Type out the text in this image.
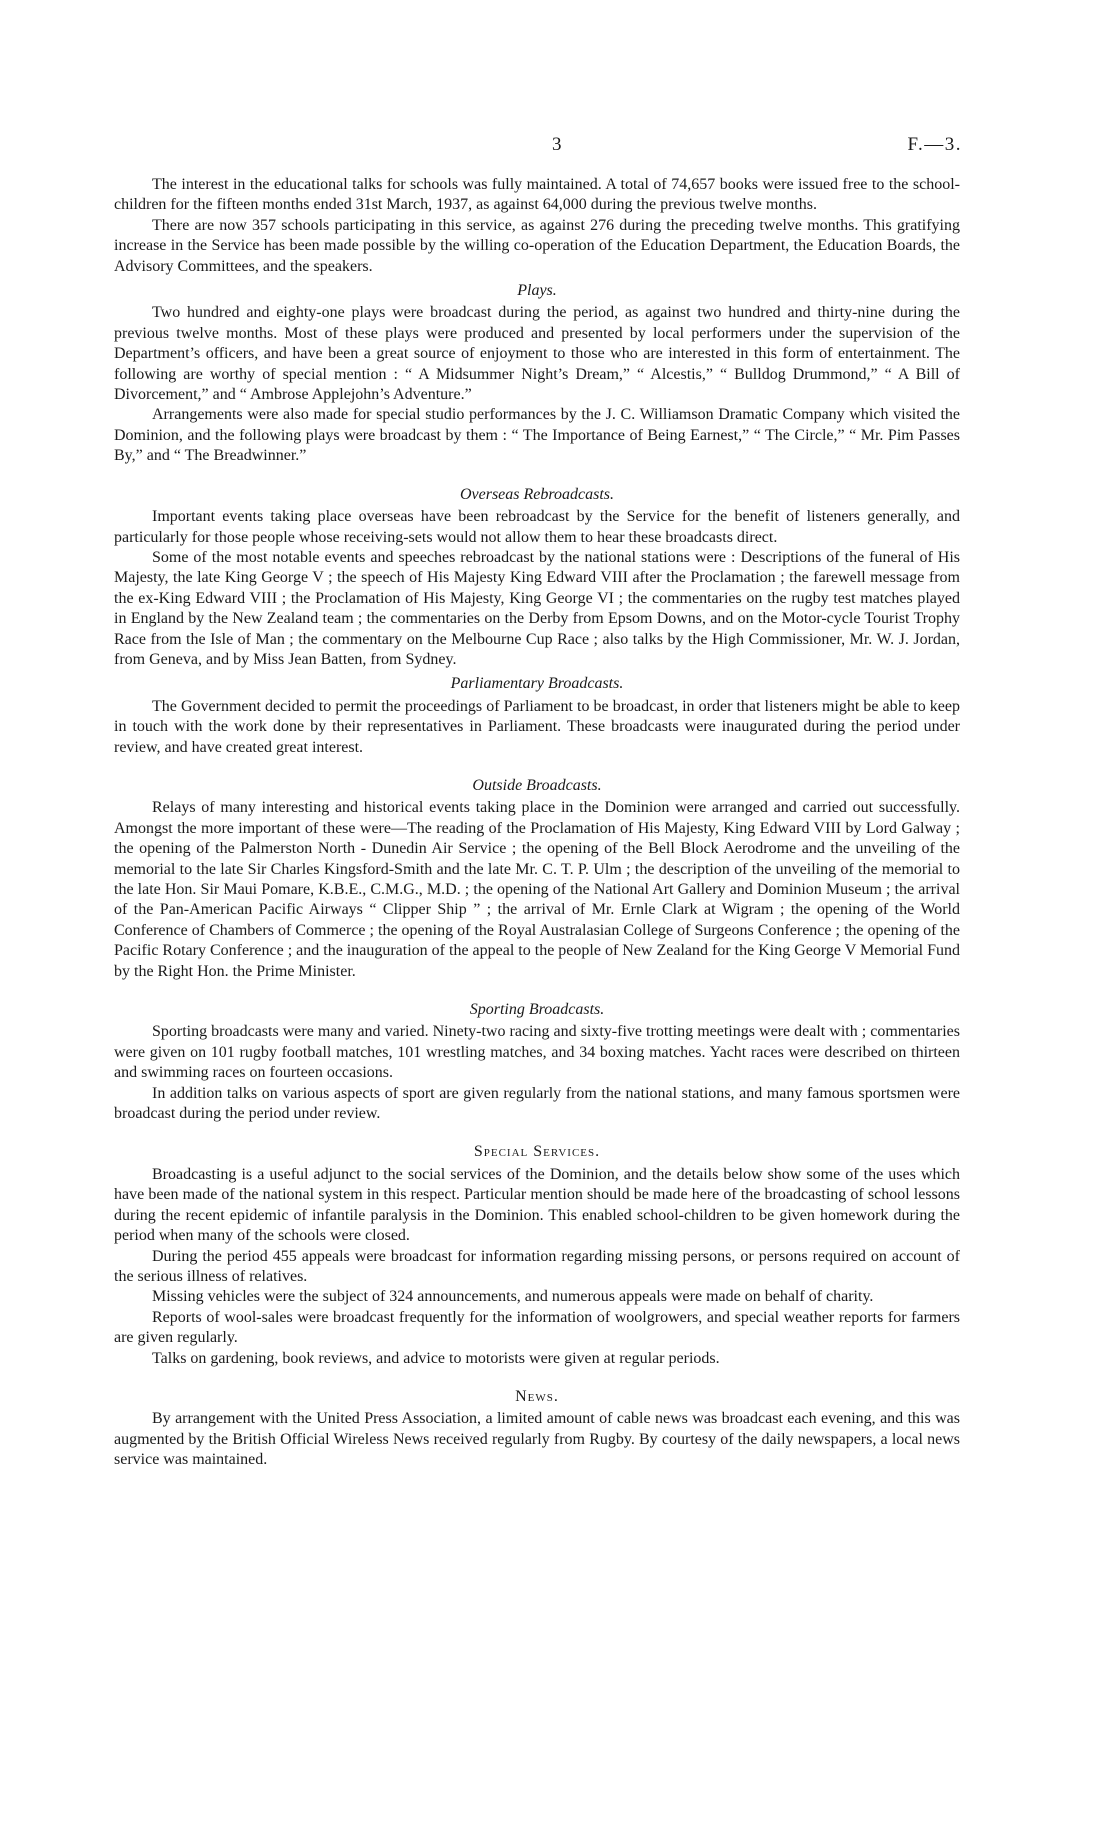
3	F.—3.

The interest in the educational talks for schools was fully maintained. A total of 74,657 books were issued free to the school-children for the fifteen months ended 31st March, 1937, as against 64,000 during the previous twelve months.

There are now 357 schools participating in this service, as against 276 during the preceding twelve months. This gratifying increase in the Service has been made possible by the willing co-operation of the Education Department, the Education Boards, the Advisory Committees, and the speakers.

Plays.

Two hundred and eighty-one plays were broadcast during the period, as against two hundred and thirty-nine during the previous twelve months. Most of these plays were produced and presented by local performers under the supervision of the Department’s officers, and have been a great source of enjoyment to those who are interested in this form of entertainment. The following are worthy of special mention : “ A Midsummer Night’s Dream,” “ Alcestis,” “ Bulldog Drummond,” “ A Bill of Divorcement,” and “ Ambrose Applejohn’s Adventure.”

Arrangements were also made for special studio performances by the J. C. Williamson Dramatic Company which visited the Dominion, and the following plays were broadcast by them : “ The Importance of Being Earnest,” “ The Circle,” “ Mr. Pim Passes By,” and “ The Breadwinner.”

Overseas Rebroadcasts.

Important events taking place overseas have been rebroadcast by the Service for the benefit of listeners generally, and particularly for those people whose receiving-sets would not allow them to hear these broadcasts direct.

Some of the most notable events and speeches rebroadcast by the national stations were : Descriptions of the funeral of His Majesty, the late King George V ; the speech of His Majesty King Edward VIII after the Proclamation ; the farewell message from the ex-King Edward VIII ; the Proclamation of His Majesty, King George VI ; the commentaries on the rugby test matches played in England by the New Zealand team ; the commentaries on the Derby from Epsom Downs, and on the Motor-cycle Tourist Trophy Race from the Isle of Man ; the commentary on the Melbourne Cup Race ; also talks by the High Commissioner, Mr. W. J. Jordan, from Geneva, and by Miss Jean Batten, from Sydney.

Parliamentary Broadcasts.

The Government decided to permit the proceedings of Parliament to be broadcast, in order that listeners might be able to keep in touch with the work done by their representatives in Parliament. These broadcasts were inaugurated during the period under review, and have created great interest.

Outside Broadcasts.

Relays of many interesting and historical events taking place in the Dominion were arranged and carried out successfully. Amongst the more important of these were—The reading of the Proclamation of His Majesty, King Edward VIII by Lord Galway ; the opening of the Palmerston North - Dunedin Air Service ; the opening of the Bell Block Aerodrome and the unveiling of the memorial to the late Sir Charles Kingsford-Smith and the late Mr. C. T. P. Ulm ; the description of the unveiling of the memorial to the late Hon. Sir Maui Pomare, K.B.E., C.M.G., M.D. ; the opening of the National Art Gallery and Dominion Museum ; the arrival of the Pan-American Pacific Airways “ Clipper Ship ” ; the arrival of Mr. Ernle Clark at Wigram ; the opening of the World Conference of Chambers of Commerce ; the opening of the Royal Australasian College of Surgeons Conference ; the opening of the Pacific Rotary Conference ; and the inauguration of the appeal to the people of New Zealand for the King George V Memorial Fund by the Right Hon. the Prime Minister.

Sporting Broadcasts.

Sporting broadcasts were many and varied. Ninety-two racing and sixty-five trotting meetings were dealt with ; commentaries were given on 101 rugby football matches, 101 wrestling matches, and 34 boxing matches. Yacht races were described on thirteen and swimming races on fourteen occasions.

In addition talks on various aspects of sport are given regularly from the national stations, and many famous sportsmen were broadcast during the period under review.

Special Services.

Broadcasting is a useful adjunct to the social services of the Dominion, and the details below show some of the uses which have been made of the national system in this respect. Particular mention should be made here of the broadcasting of school lessons during the recent epidemic of infantile paralysis in the Dominion. This enabled school-children to be given homework during the period when many of the schools were closed.

During the period 455 appeals were broadcast for information regarding missing persons, or persons required on account of the serious illness of relatives.

Missing vehicles were the subject of 324 announcements, and numerous appeals were made on behalf of charity.

Reports of wool-sales were broadcast frequently for the information of woolgrowers, and special weather reports for farmers are given regularly.

Talks on gardening, book reviews, and advice to motorists were given at regular periods.

News.

By arrangement with the United Press Association, a limited amount of cable news was broadcast each evening, and this was augmented by the British Official Wireless News received regularly from Rugby. By courtesy of the daily newspapers, a local news service was maintained.
